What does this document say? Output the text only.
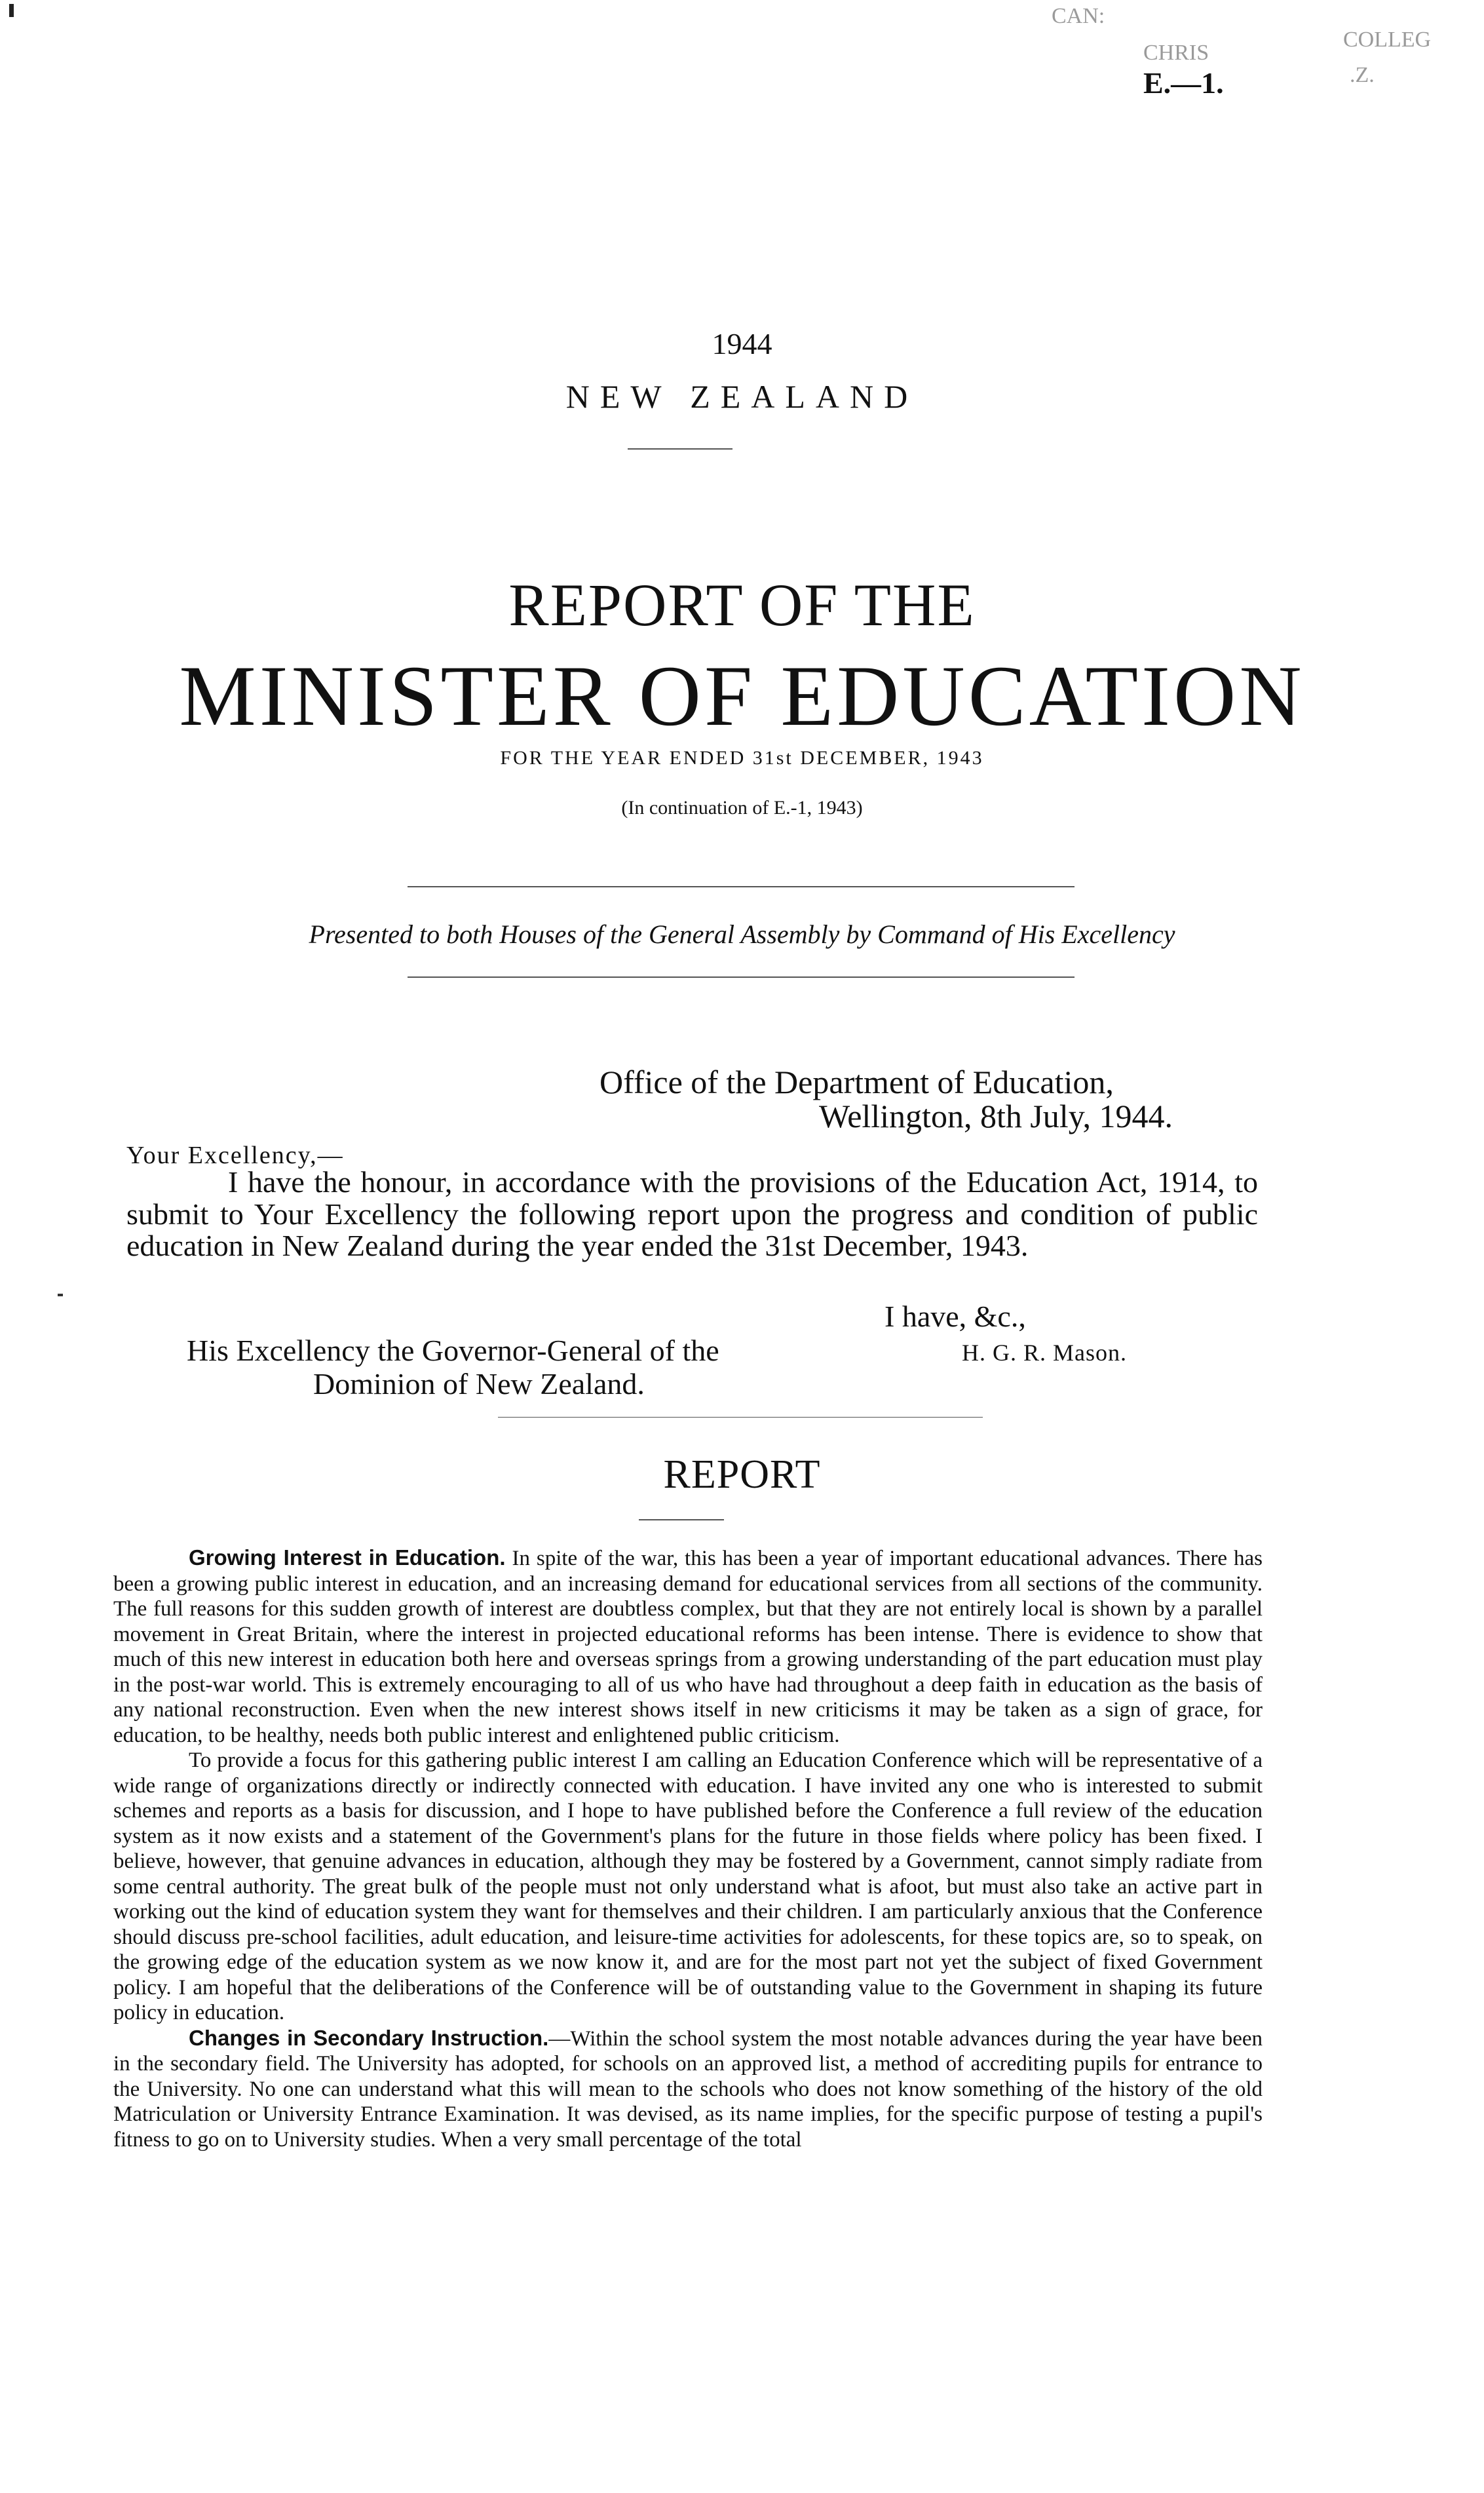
CAN:
COLLEG
CHRIS
.Z.
E.—1.
1944
NEW ZEALAND
REPORT OF THE
MINISTER OF EDUCATION
FOR THE YEAR ENDED 31st DECEMBER, 1943
(In continuation of E.-1, 1943)
Presented to both Houses of the General Assembly by Command of His Excellency
Office of the Department of Education,
Wellington, 8th July, 1944.
Your Excellency,—

I have the honour, in accordance with the provisions of the Education Act, 1914, to submit to Your Excellency the following report upon the progress and condition of public education in New Zealand during the year ended the 31st December, 1943.

I have, &c.,
H. G. R. Mason.
His Excellency the Governor-General of the
Dominion of New Zealand.
REPORT

Growing Interest in Education. In spite of the war, this has been a year of important educational advances. There has been a growing public interest in education, and an increasing demand for educational services from all sections of the community. The full reasons for this sudden growth of interest are doubtless complex, but that they are not entirely local is shown by a parallel movement in Great Britain, where the interest in projected educational reforms has been intense. There is evidence to show that much of this new interest in education both here and overseas springs from a growing understanding of the part education must play in the post-war world. This is extremely encouraging to all of us who have had throughout a deep faith in education as the basis of any national reconstruction. Even when the new interest shows itself in new criticisms it may be taken as a sign of grace, for education, to be healthy, needs both public interest and enlightened public criticism.

To provide a focus for this gathering public interest I am calling an Education Conference which will be representative of a wide range of organizations directly or indirectly connected with education. I have invited any one who is interested to submit schemes and reports as a basis for discussion, and I hope to have published before the Conference a full review of the education system as it now exists and a statement of the Government's plans for the future in those fields where policy has been fixed. I believe, however, that genuine advances in education, although they may be fostered by a Government, cannot simply radiate from some central authority. The great bulk of the people must not only understand what is afoot, but must also take an active part in working out the kind of education system they want for themselves and their children. I am particularly anxious that the Conference should discuss pre-school facilities, adult education, and leisure-time activities for adolescents, for these topics are, so to speak, on the growing edge of the education system as we now know it, and are for the most part not yet the subject of fixed Government policy. I am hopeful that the deliberations of the Conference will be of outstanding value to the Government in shaping its future policy in education.

Changes in Secondary Instruction.—Within the school system the most notable advances during the year have been in the secondary field. The University has adopted, for schools on an approved list, a method of accrediting pupils for entrance to the University. No one can understand what this will mean to the schools who does not know something of the history of the old Matriculation or University Entrance Examination. It was devised, as its name implies, for the specific purpose of testing a pupil's fitness to go on to University studies. When a very small percentage of the total
